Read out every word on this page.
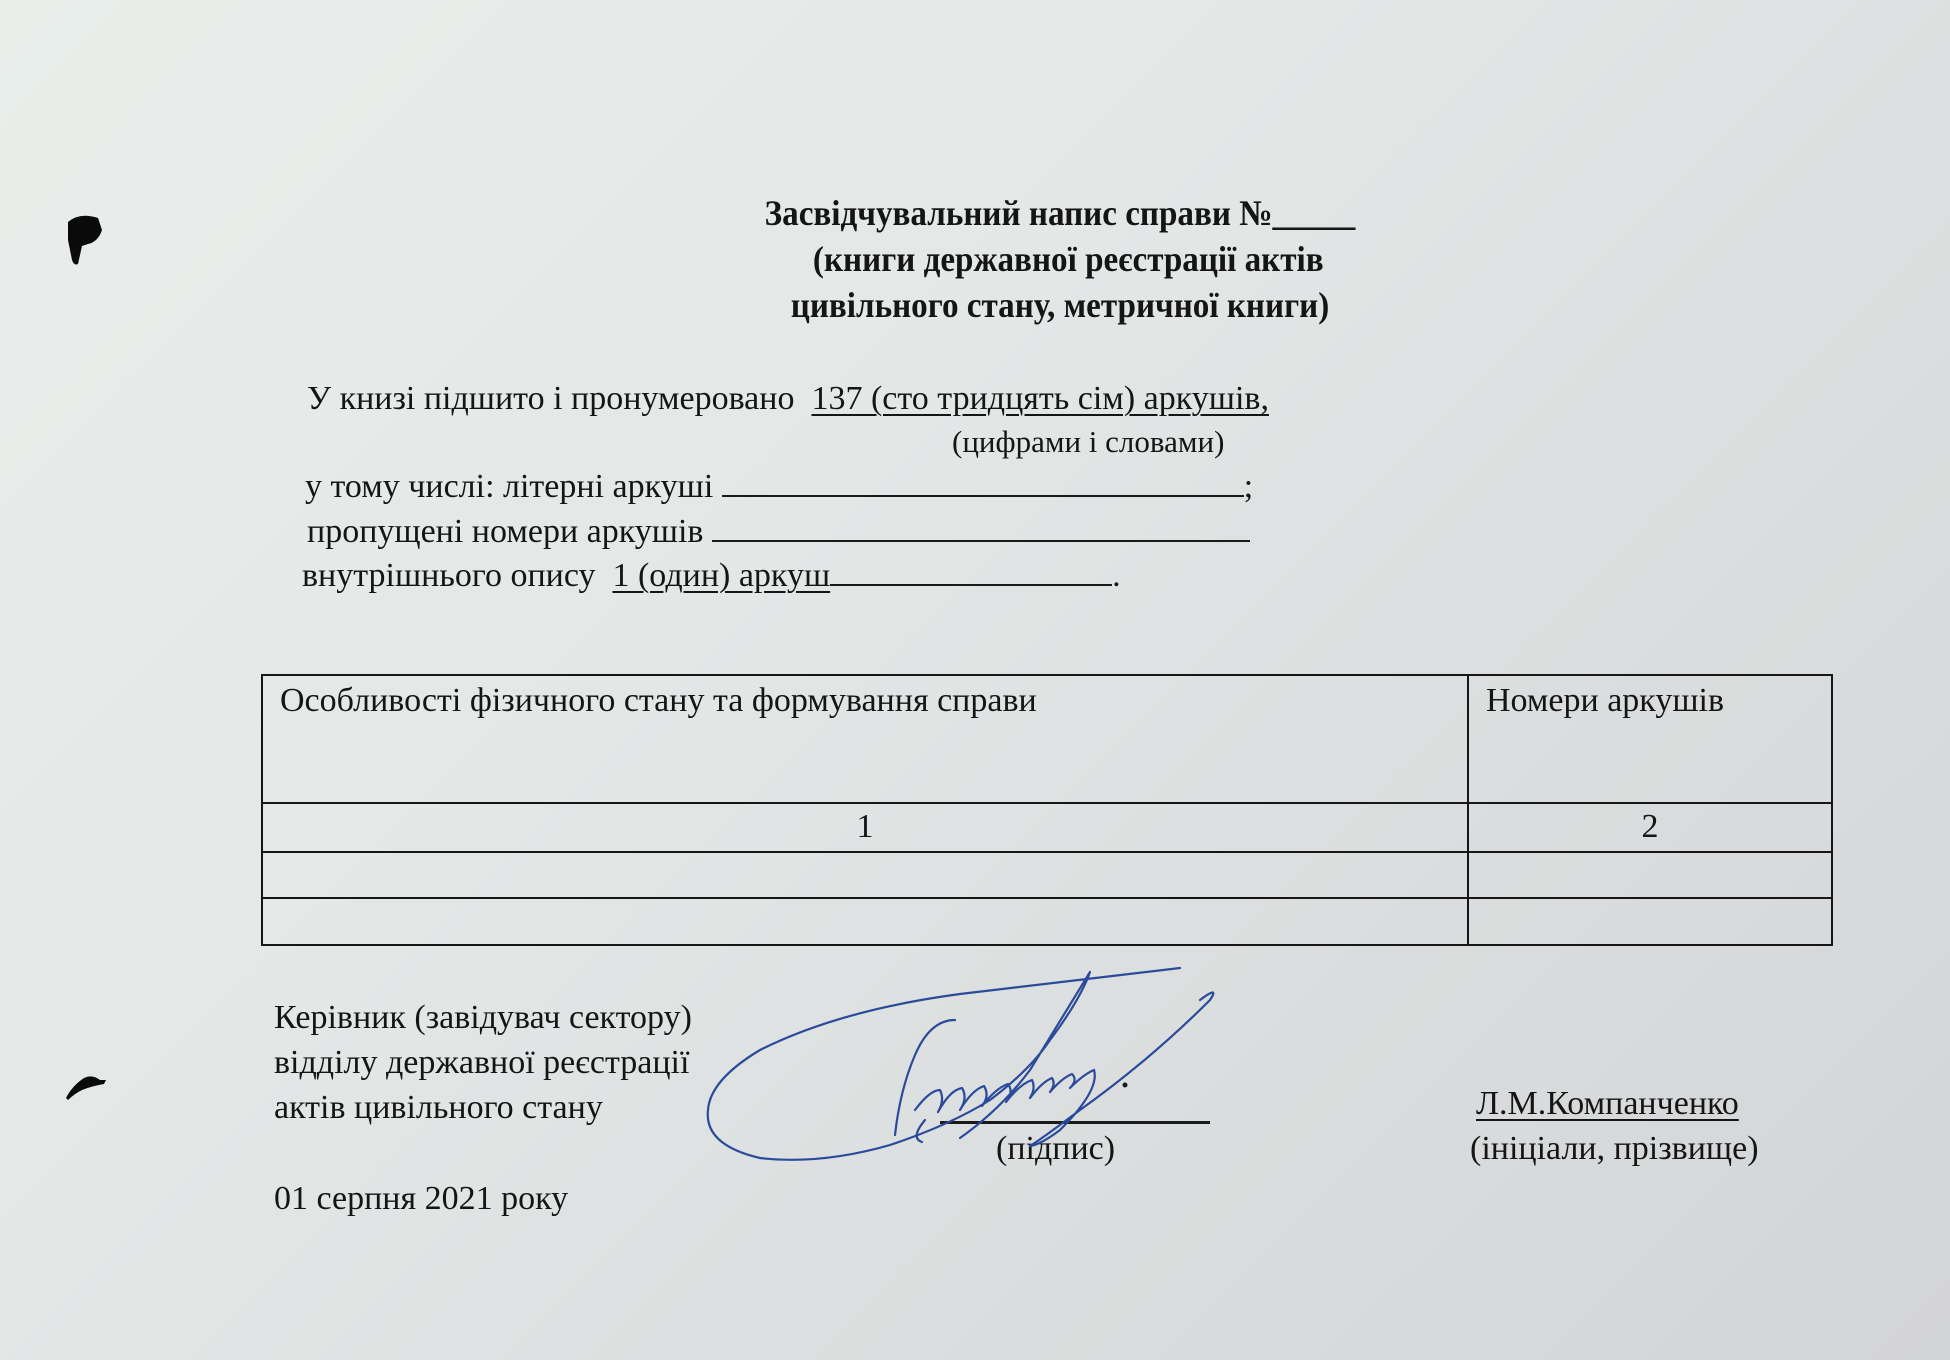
Засвідчувальний напис справи №_____
(книги державної реєстрації актів
цивільного стану, метричної книги)
У книзі підшито і пронумеровано 137 (сто тридцять сім) аркушів,
(цифрами і словами)
у тому числі: літерні аркуші	;
пропущені номери аркушів
внутрішнього опису 1 (один) аркуш	.
Особливості фізичного стану та формування справи	Номери аркушів

1	2

Керівник (завідувач сектору)
відділу державної реєстрації
актів цивільного стану
(підпис)
Л.М.Компанченко
(ініціали, прізвище)
01 серпня 2021 року
